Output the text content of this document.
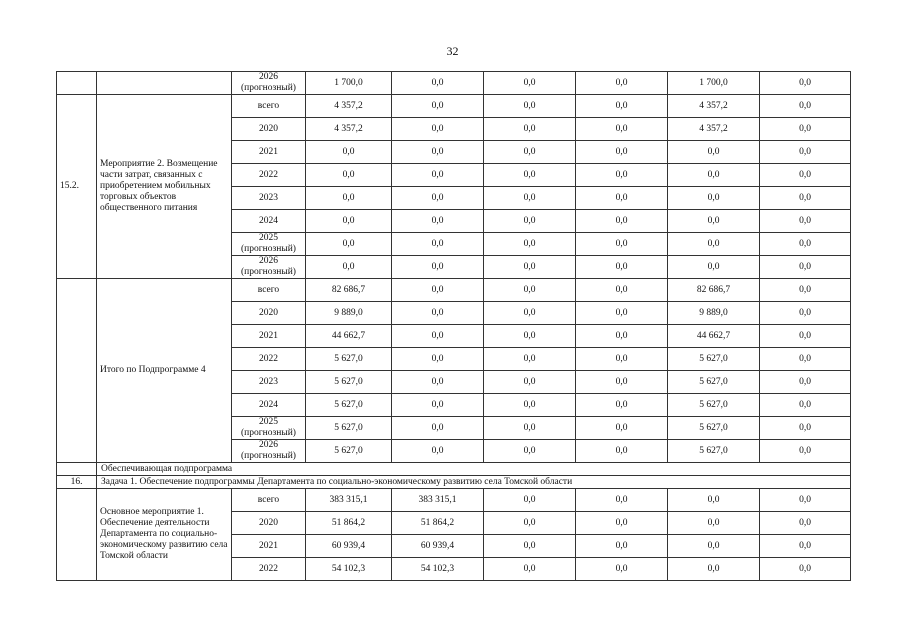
32
		2026 (прогнозный)	1 700,0	0,0	0,0	0,0	1 700,0	0,0
15.2.	Мероприятие 2. Возмещение части затрат, связанных с приобретением мобильных торговых объектов общественного питания	всего	4 357,2	0,0	0,0	0,0	4 357,2	0,0
		2020	4 357,2	0,0	0,0	0,0	4 357,2	0,0
		2021	0,0	0,0	0,0	0,0	0,0	0,0
		2022	0,0	0,0	0,0	0,0	0,0	0,0
		2023	0,0	0,0	0,0	0,0	0,0	0,0
		2024	0,0	0,0	0,0	0,0	0,0	0,0
		2025 (прогнозный)	0,0	0,0	0,0	0,0	0,0	0,0
		2026 (прогнозный)	0,0	0,0	0,0	0,0	0,0	0,0
	Итого по Подпрограмме 4	всего	82 686,7	0,0	0,0	0,0	82 686,7	0,0
		2020	9 889,0	0,0	0,0	0,0	9 889,0	0,0
		2021	44 662,7	0,0	0,0	0,0	44 662,7	0,0
		2022	5 627,0	0,0	0,0	0,0	5 627,0	0,0
		2023	5 627,0	0,0	0,0	0,0	5 627,0	0,0
		2024	5 627,0	0,0	0,0	0,0	5 627,0	0,0
		2025 (прогнозный)	5 627,0	0,0	0,0	0,0	5 627,0	0,0
		2026 (прогнозный)	5 627,0	0,0	0,0	0,0	5 627,0	0,0
	Обеспечивающая подпрограмма							
16.	Задача 1. Обеспечение подпрограммы Департамента по социально-экономическому развитию села Томской области							
	Основное мероприятие 1. Обеспечение деятельности Департамента по социально-экономическому развитию села Томской области	всего	383 315,1	383 315,1	0,0	0,0	0,0	0,0
		2020	51 864,2	51 864,2	0,0	0,0	0,0	0,0
		2021	60 939,4	60 939,4	0,0	0,0	0,0	0,0
		2022	54 102,3	54 102,3	0,0	0,0	0,0	0,0
